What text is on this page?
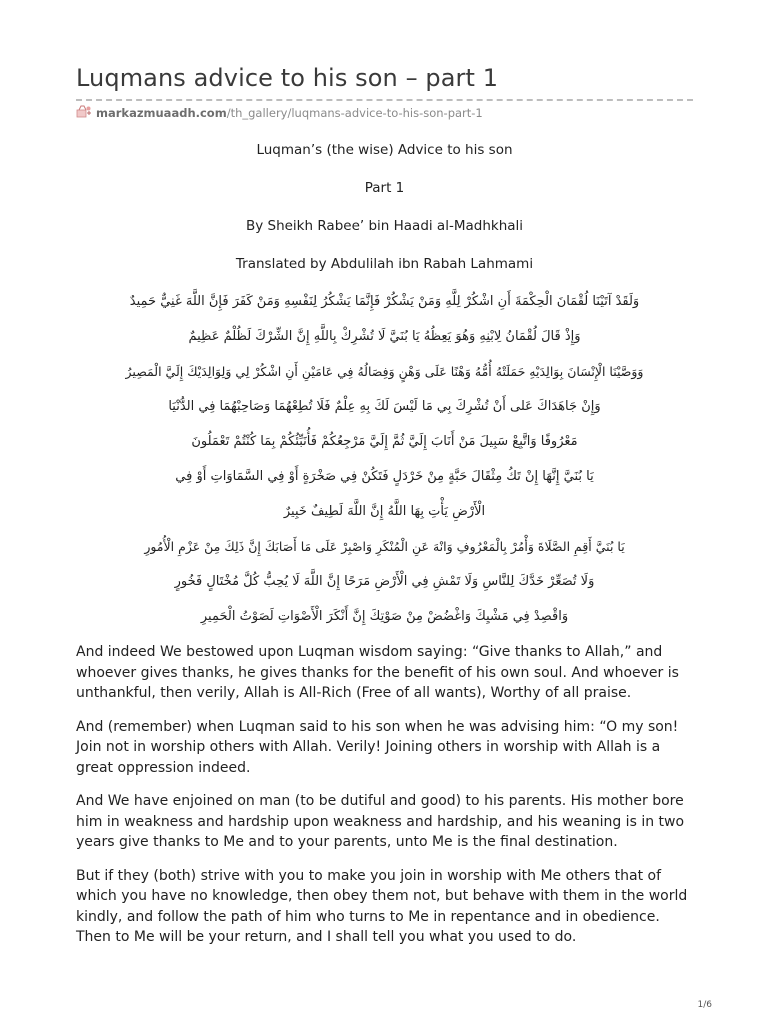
Luqmans advice to his son – part 1
markazmuaadh.com /th_gallery/luqmans-advice-to-his-son-part-1

Luqman’s (the wise) Advice to his son

Part 1

By Sheikh Rabee’ bin Haadi al-Madhkhali

Translated by Abdulilah ibn Rabah Lahmami

وَلَقَدْ آتَيْنَا لُقْمَانَ الْحِكْمَةَ أَنِ اشْكُرْ لِلَّهِ وَمَنْ يَشْكُرْ فَإِنَّمَا يَشْكُرُ لِنَفْسِهِ وَمَنْ كَفَرَ فَإِنَّ اللَّهَ غَنِيٌّ حَمِيدٌ

وَإِذْ قَالَ لُقْمَانُ لِابْنِهِ وَهُوَ يَعِظُهُ يَا بُنَيَّ لَا تُشْرِكْ بِاللَّهِ إِنَّ الشِّرْكَ لَظُلْمٌ عَظِيمٌ

وَوَصَّيْنَا الْإِنْسَانَ بِوَالِدَيْهِ حَمَلَتْهُ أُمُّهُ وَهْنًا عَلَى وَهْنٍ وَفِصَالُهُ فِي عَامَيْنِ أَنِ اشْكُرْ لِي وَلِوَالِدَيْكَ إِلَيَّ الْمَصِيرُ

وَإِنْ جَاهَدَاكَ عَلى أَنْ تُشْرِكَ بِي مَا لَيْسَ لَكَ بِهِ عِلْمٌ فَلَا تُطِعْهُمَا وَصَاحِبْهُمَا فِي الدُّنْيَا

مَعْرُوفًا وَاتَّبِعْ سَبِيلَ مَنْ أَنَابَ إِلَيَّ ثُمَّ إِلَيَّ مَرْجِعُكُمْ فَأُنَبِّئُكُمْ بِمَا كُنْتُمْ تَعْمَلُونَ

يَا بُنَيَّ إِنَّهَا إِنْ تَكُ مِثْقَالَ حَبَّةٍ مِنْ خَرْدَلٍ فَتَكُنْ فِي صَخْرَةٍ أَوْ فِي السَّمَاوَاتِ أَوْ فِي

الْأَرْضِ يَأْتِ بِهَا اللَّهُ إِنَّ اللَّهَ لَطِيفٌ خَبِيرٌ

يَا بُنَيَّ أَقِمِ الصَّلَاةَ وَأْمُرْ بِالْمَعْرُوفِ وَانْهَ عَنِ الْمُنْكَرِ وَاصْبِرْ عَلَى مَا أَصَابَكَ إِنَّ ذَلِكَ مِنْ عَزْمِ الْأُمُورِ

وَلَا تُصَعِّرْ خَدَّكَ لِلنَّاسِ وَلَا تَمْشِ فِي الْأَرْضِ مَرَحًا إِنَّ اللَّهَ لَا يُحِبُّ كُلَّ مُخْتَالٍ فَخُورٍ

وَاقْصِدْ فِي مَشْيِكَ وَاغْضُضْ مِنْ صَوْتِكَ إِنَّ أَنْكَرَ الْأَصْوَاتِ لَصَوْتُ الْحَمِيرِ

And indeed We bestowed upon Luqman wisdom saying: “Give thanks to Allah,” and whoever gives thanks, he gives thanks for the benefit of his own soul. And whoever is unthankful, then verily, Allah is All-Rich (Free of all wants), Worthy of all praise.

And (remember) when Luqman said to his son when he was advising him: “O my son! Join not in worship others with Allah. Verily! Joining others in worship with Allah is a great oppression indeed.

And We have enjoined on man (to be dutiful and good) to his parents. His mother bore him in weakness and hardship upon weakness and hardship, and his weaning is in two years give thanks to Me and to your parents, unto Me is the final destination.

But if they (both) strive with you to make you join in worship with Me others that of which you have no knowledge, then obey them not, but behave with them in the world kindly, and follow the path of him who turns to Me in repentance and in obedience. Then to Me will be your return, and I shall tell you what you used to do.

1/6
